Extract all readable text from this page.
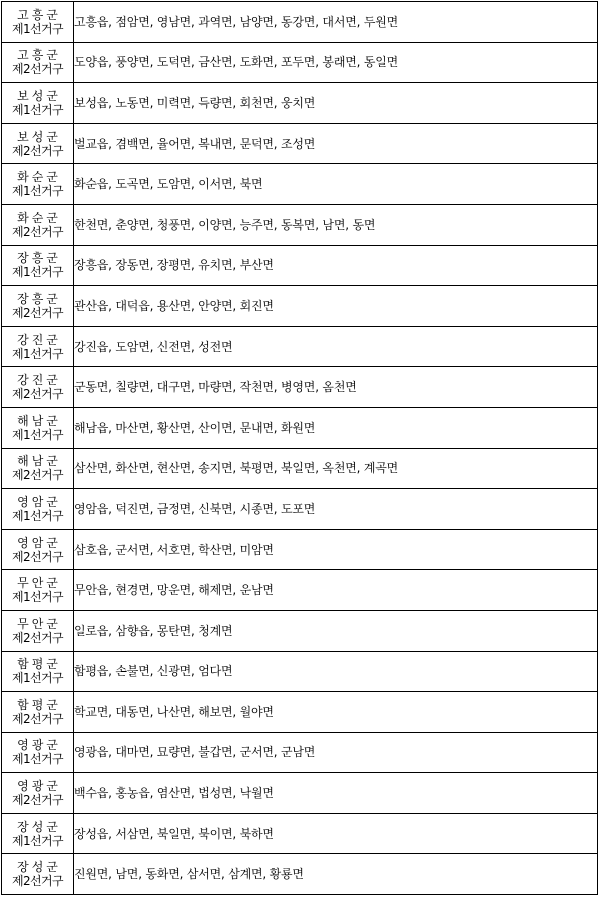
고흥군
제1선거구	고흥읍, 점암면, 영남면, 과역면, 남양면, 동강면, 대서면, 두원면

고흥군
제2선거구	도양읍, 풍양면, 도덕면, 금산면, 도화면, 포두면, 봉래면, 동일면

보성군
제1선거구	보성읍, 노동면, 미력면, 득량면, 회천면, 웅치면

보성군
제2선거구	벌교읍, 겸백면, 율어면, 복내면, 문덕면, 조성면

화순군
제1선거구	화순읍, 도곡면, 도암면, 이서면, 북면

화순군
제2선거구	한천면, 춘양면, 청풍면, 이양면, 능주면, 동복면, 남면, 동면

장흥군
제1선거구	장흥읍, 장동면, 장평면, 유치면, 부산면

장흥군
제2선거구	관산읍, 대덕읍, 용산면, 안양면, 회진면

강진군
제1선거구	강진읍, 도암면, 신전면, 성전면

강진군
제2선거구	군동면, 칠량면, 대구면, 마량면, 작천면, 병영면, 옴천면

해남군
제1선거구	해남읍, 마산면, 황산면, 산이면, 문내면, 화원면

해남군
제2선거구	삼산면, 화산면, 현산면, 송지면, 북평면, 북일면, 옥천면, 계곡면

영암군
제1선거구	영암읍, 덕진면, 금정면, 신북면, 시종면, 도포면

영암군
제2선거구	삼호읍, 군서면, 서호면, 학산면, 미암면

무안군
제1선거구	무안읍, 현경면, 망운면, 해제면, 운남면

무안군
제2선거구	일로읍, 삼향읍, 몽탄면, 청계면

함평군
제1선거구	함평읍, 손불면, 신광면, 엄다면

함평군
제2선거구	학교면, 대동면, 나산면, 해보면, 월야면

영광군
제1선거구	영광읍, 대마면, 묘량면, 불갑면, 군서면, 군남면

영광군
제2선거구	백수읍, 홍농읍, 염산면, 법성면, 낙월면

장성군
제1선거구	장성읍, 서삼면, 북일면, 북이면, 북하면

장성군
제2선거구	진원면, 남면, 동화면, 삼서면, 삼계면, 황룡면
